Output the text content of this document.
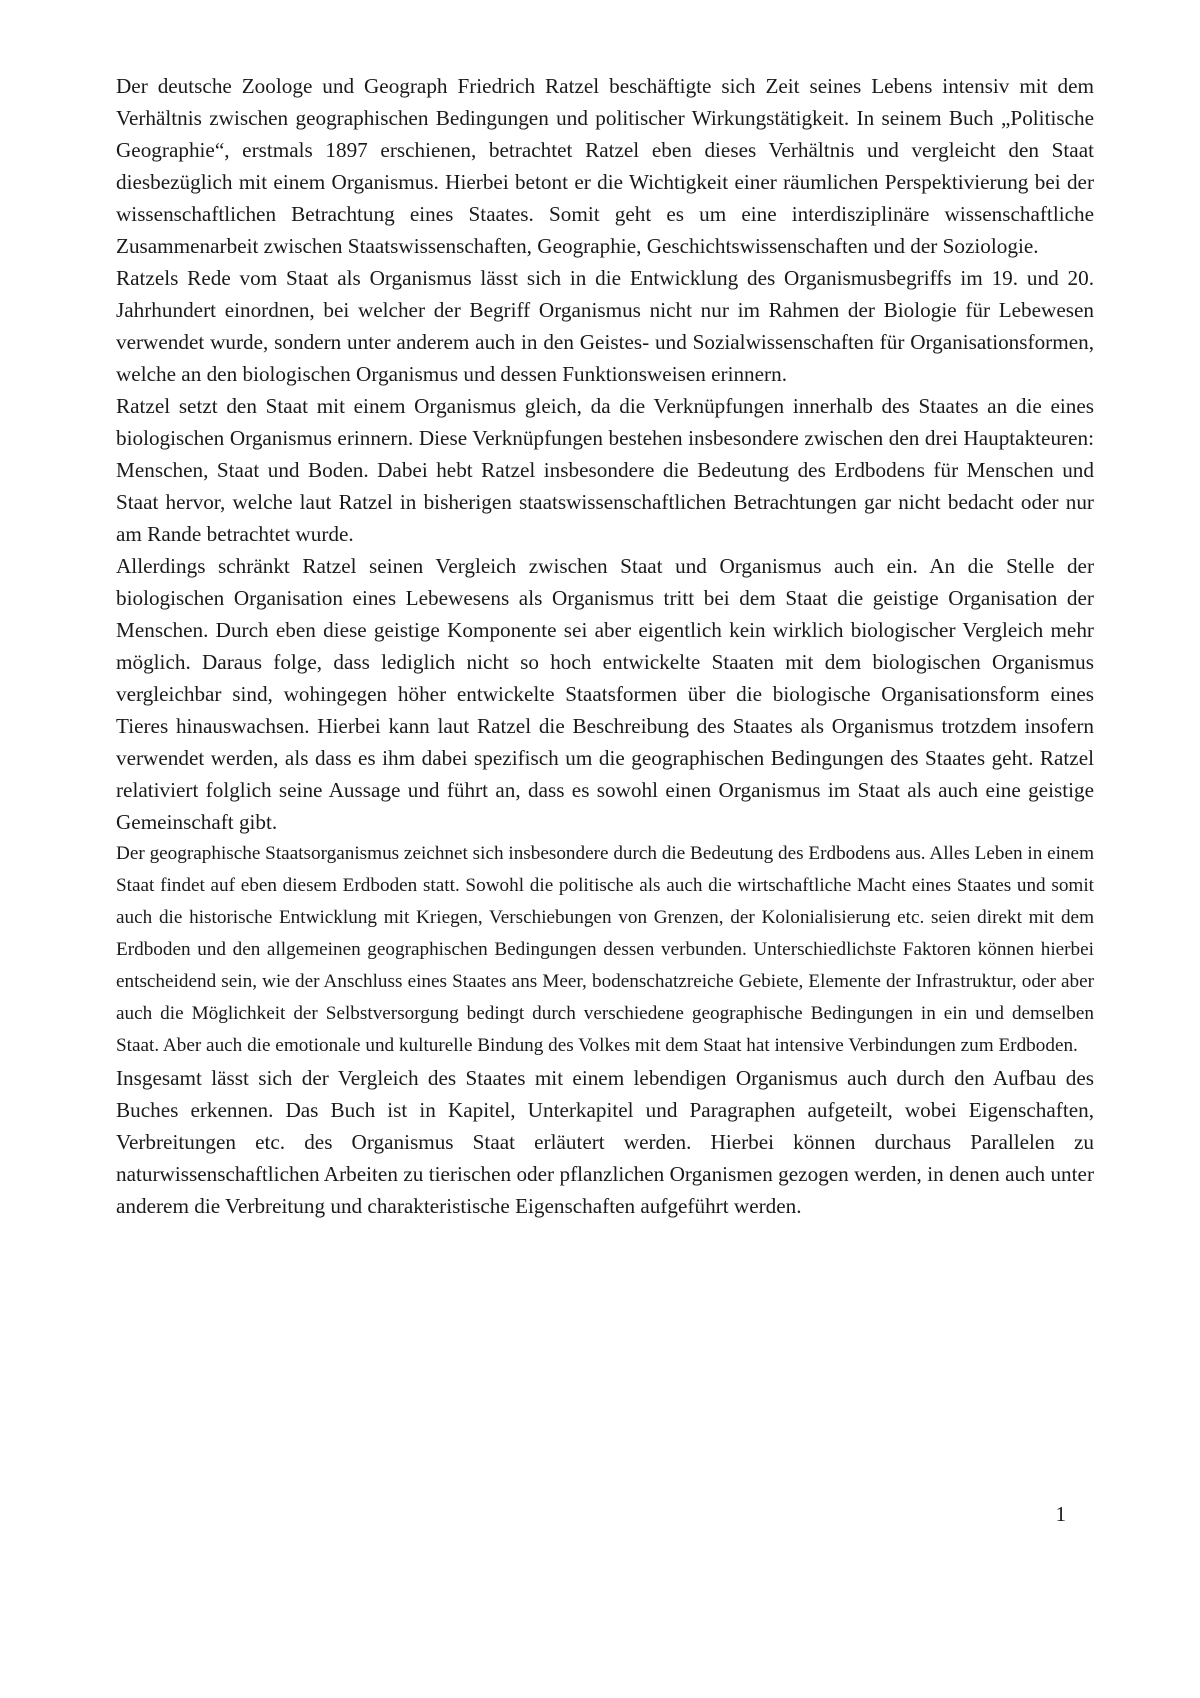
Der deutsche Zoologe und Geograph Friedrich Ratzel beschäftigte sich Zeit seines Lebens intensiv mit dem Verhältnis zwischen geographischen Bedingungen und politischer Wirkungstätigkeit. In seinem Buch „Politische Geographie“, erstmals 1897 erschienen, betrachtet Ratzel eben dieses Verhältnis und vergleicht den Staat diesbezüglich mit einem Organismus. Hierbei betont er die Wichtigkeit einer räumlichen Perspektivierung bei der wissenschaftlichen Betrachtung eines Staates. Somit geht es um eine interdisziplinäre wissenschaftliche Zusammenarbeit zwischen Staatswissenschaften, Geographie, Geschichtswissenschaften und der Soziologie.

Ratzels Rede vom Staat als Organismus lässt sich in die Entwicklung des Organismusbegriffs im 19. und 20. Jahrhundert einordnen, bei welcher der Begriff Organismus nicht nur im Rahmen der Biologie für Lebewesen verwendet wurde, sondern unter anderem auch in den Geistes- und Sozialwissenschaften für Organisationsformen, welche an den biologischen Organismus und dessen Funktionsweisen erinnern.

Ratzel setzt den Staat mit einem Organismus gleich, da die Verknüpfungen innerhalb des Staates an die eines biologischen Organismus erinnern. Diese Verknüpfungen bestehen insbesondere zwischen den drei Hauptakteuren: Menschen, Staat und Boden. Dabei hebt Ratzel insbesondere die Bedeutung des Erdbodens für Menschen und Staat hervor, welche laut Ratzel in bisherigen staatswissenschaftlichen Betrachtungen gar nicht bedacht oder nur am Rande betrachtet wurde.

Allerdings schränkt Ratzel seinen Vergleich zwischen Staat und Organismus auch ein. An die Stelle der biologischen Organisation eines Lebewesens als Organismus tritt bei dem Staat die geistige Organisation der Menschen. Durch eben diese geistige Komponente sei aber eigentlich kein wirklich biologischer Vergleich mehr möglich. Daraus folge, dass lediglich nicht so hoch entwickelte Staaten mit dem biologischen Organismus vergleichbar sind, wohingegen höher entwickelte Staatsformen über die biologische Organisationsform eines Tieres hinauswachsen. Hierbei kann laut Ratzel die Beschreibung des Staates als Organismus trotzdem insofern verwendet werden, als dass es ihm dabei spezifisch um die geographischen Bedingungen des Staates geht. Ratzel relativiert folglich seine Aussage und führt an, dass es sowohl einen Organismus im Staat als auch eine geistige Gemeinschaft gibt.

Der geographische Staatsorganismus zeichnet sich insbesondere durch die Bedeutung des Erdbodens aus. Alles Leben in einem Staat findet auf eben diesem Erdboden statt. Sowohl die politische als auch die wirtschaftliche Macht eines Staates und somit auch die historische Entwicklung mit Kriegen, Verschiebungen von Grenzen, der Kolonialisierung etc. seien direkt mit dem Erdboden und den allgemeinen geographischen Bedingungen dessen verbunden. Unterschiedlichste Faktoren können hierbei entscheidend sein, wie der Anschluss eines Staates ans Meer, bodenschatzreiche Gebiete, Elemente der Infrastruktur, oder aber auch die Möglichkeit der Selbstversorgung bedingt durch verschiedene geographische Bedingungen in ein und demselben Staat. Aber auch die emotionale und kulturelle Bindung des Volkes mit dem Staat hat intensive Verbindungen zum Erdboden.

Insgesamt lässt sich der Vergleich des Staates mit einem lebendigen Organismus auch durch den Aufbau des Buches erkennen. Das Buch ist in Kapitel, Unterkapitel und Paragraphen aufgeteilt, wobei Eigenschaften, Verbreitungen etc. des Organismus Staat erläutert werden. Hierbei können durchaus Parallelen zu naturwissenschaftlichen Arbeiten zu tierischen oder pflanzlichen Organismen gezogen werden, in denen auch unter anderem die Verbreitung und charakteristische Eigenschaften aufgeführt werden.

1
